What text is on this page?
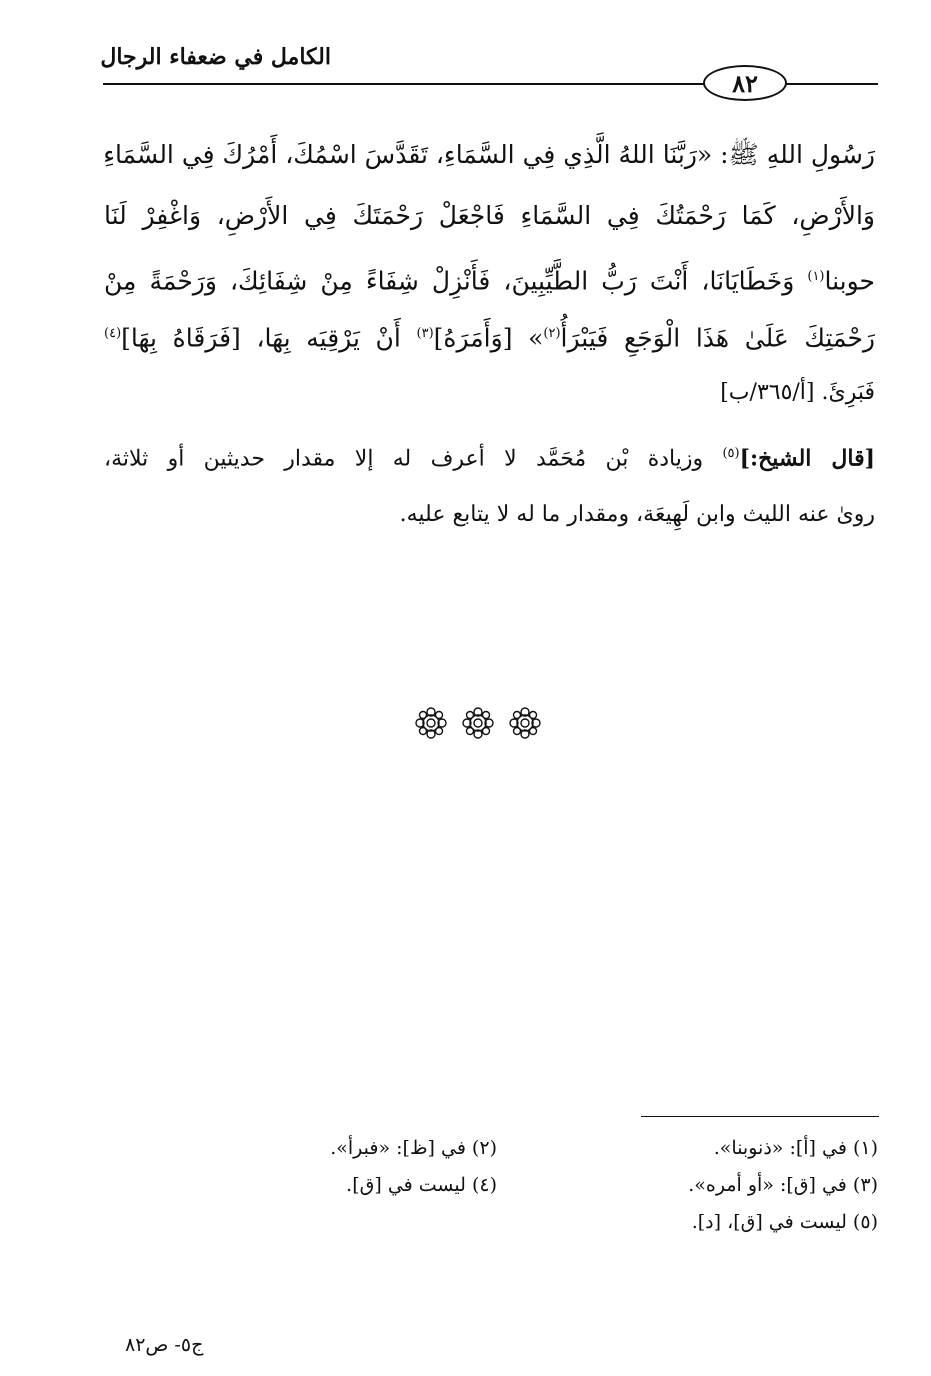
الكامل في ضعفاء الرجال
٨٢
رَسُولِ اللهِ ﷺ: «رَبَّنَا اللهُ الَّذِي فِي السَّمَاءِ، تَقَدَّسَ اسْمُكَ، أَمْرُكَ فِي السَّمَاءِ
وَالأَرْضِ، كَمَا رَحْمَتُكَ فِي السَّمَاءِ فَاجْعَلْ رَحْمَتَكَ فِي الأَرْضِ، وَاغْفِرْ لَنَا
حوبنا$^{(١)}$ وَخَطَايَانَا، أَنْتَ رَبُّ الطَّيِّبِينَ، فَأَنْزِلْ شِفَاءً مِنْ شِفَائِكَ، وَرَحْمَةً مِنْ
رَحْمَتِكَ عَلَىٰ هَذَا الْوَجَعِ فَيَبْرَأُ$^{(٢)}$» [وَأَمَرَهُ]$^{(٣)}$ أَنْ يَرْقِيَه بِهَا، [فَرَقَاهُ بِهَا]$^{(٤)}$
فَبَرِئَ. [أ/٣٦٥/ب]
[قال الشيخ:]$^{(٥)}$ وزيادة بْن مُحَمَّد لا أعرف له إلا مقدار حديثين أو ثلاثة،
روىٰ عنه الليث وابن لَهِيعَة، ومقدار ما له لا يتابع عليه.
(١) في [أ]: «ذنوبنا».
(٢) في [ظ]: «فبرأ».
(٣) في [ق]: «أو أمره».
(٤) ليست في [ق].
(٥) ليست في [ق]، [د].
ج٥- ص٨٢
